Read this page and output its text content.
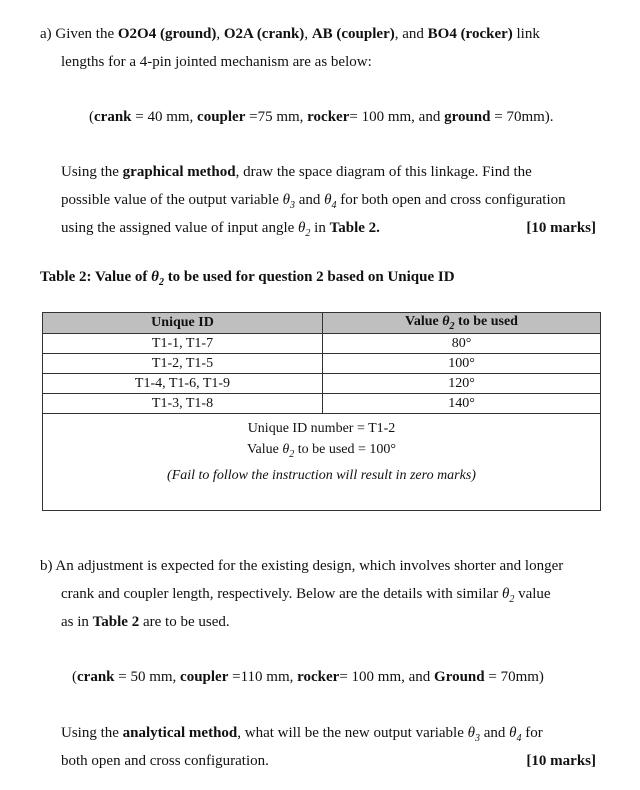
a) Given the O2O4 (ground), O2A (crank), AB (coupler), and BO4 (rocker) link
lengths for a 4-pin jointed mechanism are as below:
(crank = 40 mm, coupler =75 mm, rocker= 100 mm, and ground = 70mm).
Using the graphical method, draw the space diagram of this linkage. Find the
possible value of the output variable $\theta_3$ and $\theta_4$ for both open and cross configuration
using the assigned value of input angle $\theta_2$ in Table 2.	[10 marks]
Table 2: Value of $\theta_2$ to be used for question 2 based on Unique ID
Unique ID	Value $\theta_2$ to be used
T1-1, T1-7	80°
T1-2, T1-5	100°
T1-4, T1-6, T1-9	120°
T1-3, T1-8	140°

Unique ID number = T1-2
Value $\theta_2$ to be used = 100°
(Fail to follow the instruction will result in zero marks)	
b) An adjustment is expected for the existing design, which involves shorter and longer
crank and coupler length, respectively. Below are the details with similar $\theta_2$ value
as in Table 2 are to be used.
(crank = 50 mm, coupler =110 mm, rocker= 100 mm, and Ground = 70mm)
Using the analytical method, what will be the new output variable $\theta_3$ and $\theta_4$ for
both open and cross configuration.	[10 marks]
